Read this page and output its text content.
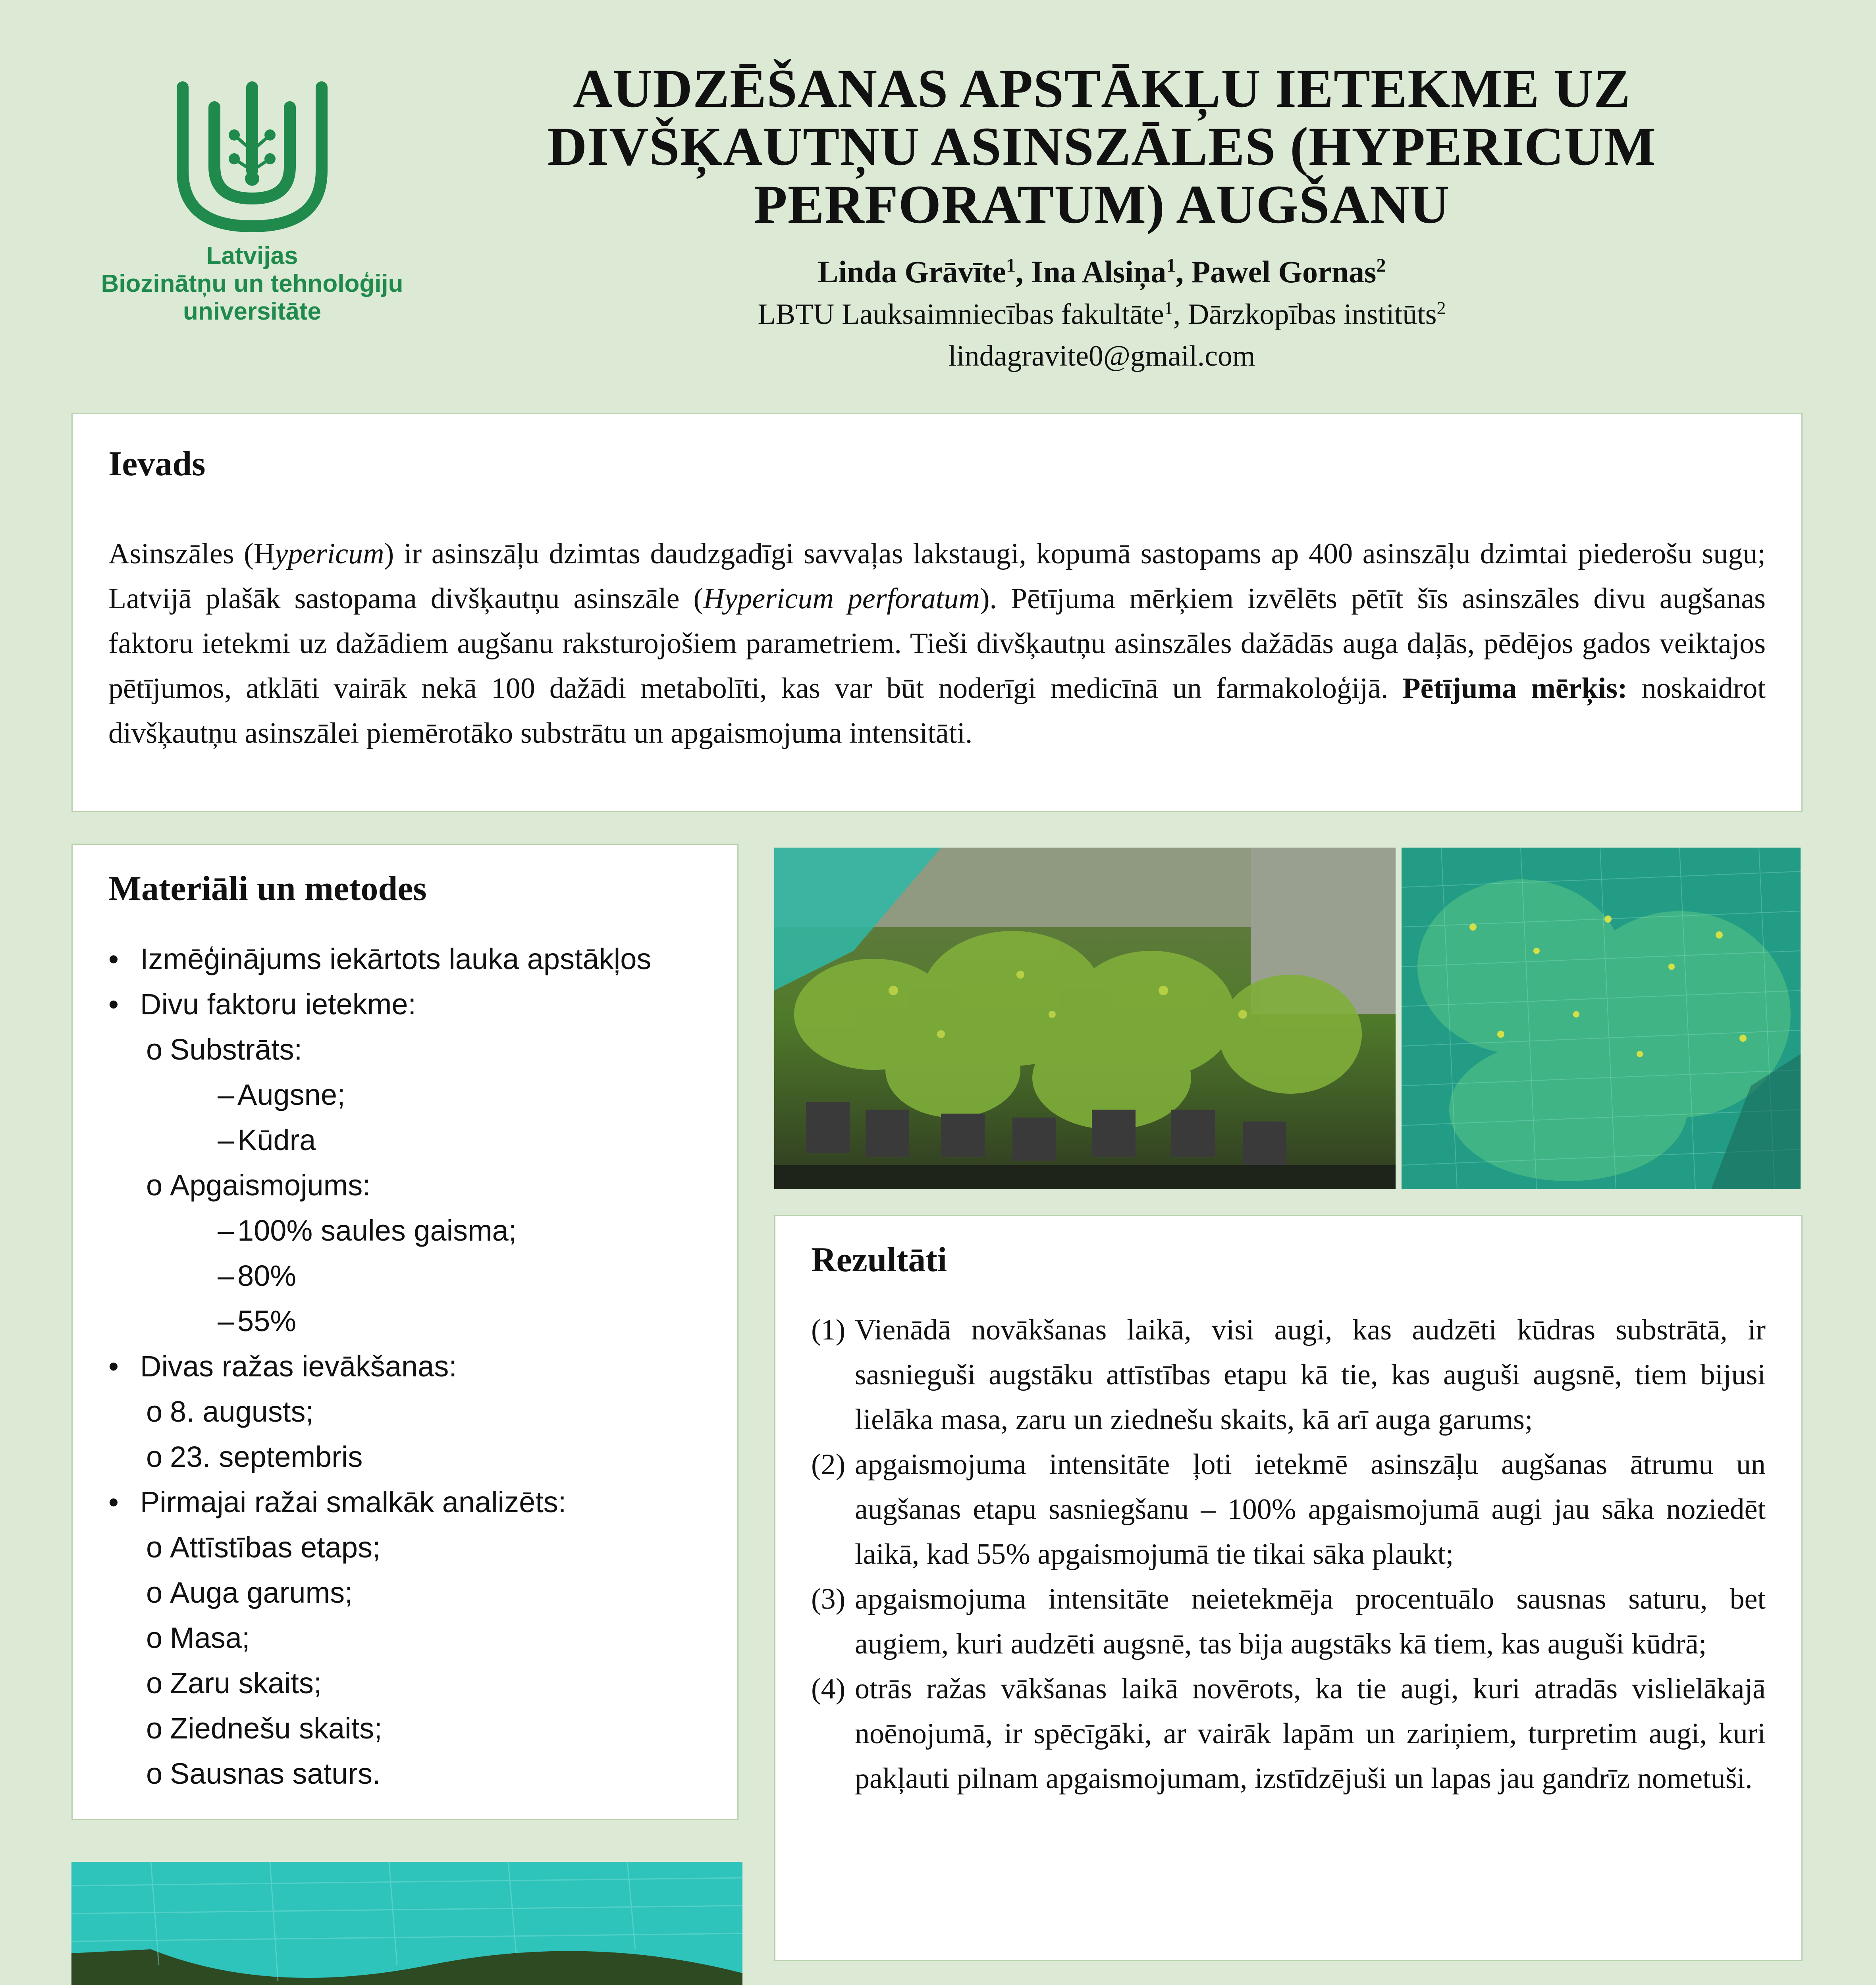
Latvijas
Biozinātņu un tehnoloģiju
universitāte
AUDZĒŠANAS APSTĀKĻU IETEKME UZ DIVŠĶAUTŅU ASINSZĀLES (HYPERICUM PERFORATUM) AUGŠANU
Linda Grāvīte$^1$, Ina Alsiņa$^1$, Pawel Gornas$^2$
LBTU Lauksaimniecības fakultāte$^1$, Dārzkopības institūts$^2$
lindagravite0@gmail.com
Ievads
Asinszāles (Hypericum) ir asinszāļu dzimtas daudzgadīgi savvaļas lakstaugi, kopumā sastopams ap 400 asinszāļu dzimtai piederošu sugu; Latvijā plašāk sastopama divšķautņu asinszāle (Hypericum perforatum). Pētījuma mērķiem izvēlēts pētīt šīs asinszāles divu augšanas faktoru ietekmi uz dažādiem augšanu raksturojošiem parametriem. Tieši divšķautņu asinszāles dažādās auga daļās, pēdējos gados veiktajos pētījumos, atklāti vairāk nekā 100 dažādi metabolīti, kas var būt noderīgi medicīnā un farmakoloģijā. Pētījuma mērķis: noskaidrot divšķautņu asinszālei piemērotāko substrātu un apgaismojuma intensitāti.
Materiāli un metodes
• Izmēģinājums iekārtots lauka apstākļos
• Divu faktoru ietekme:
o Substrāts:
– Augsne;
– Kūdra
o Apgaismojums:
– 100% saules gaisma;
– 80%
– 55%
• Divas ražas ievākšanas:
o 8. augusts;
o 23. septembris
• Pirmajai ražai smalkāk analizēts:
o Attīstības etaps;
o Auga garums;
o Masa;
o Zaru skaits;
o Ziednešu skaits;
o Sausnas saturs.
Rezultāti
(1) Vienādā novākšanas laikā, visi augi, kas audzēti kūdras substrātā, ir sasnieguši augstāku attīstības etapu kā tie, kas auguši augsnē, tiem bijusi lielāka masa, zaru un ziednešu skaits, kā arī auga garums;
(2) apgaismojuma intensitāte ļoti ietekmē asinszāļu augšanas ātrumu un augšanas etapu sasniegšanu – 100% apgaismojumā augi jau sāka noziedēt laikā, kad 55% apgaismojumā tie tikai sāka plaukt;
(3) apgaismojuma intensitāte neietekmēja procentuālo sausnas saturu, bet augiem, kuri audzēti augsnē, tas bija augstāks kā tiem, kas auguši kūdrā;
(4) otrās ražas vākšanas laikā novērots, ka tie augi, kuri atradās vislielākajā noēnojumā, ir spēcīgāki, ar vairāk lapām un zariņiem, turpretim augi, kuri pakļauti pilnam apgaismojumam, izstīdzējuši un lapas jau gandrīz nometuši.
